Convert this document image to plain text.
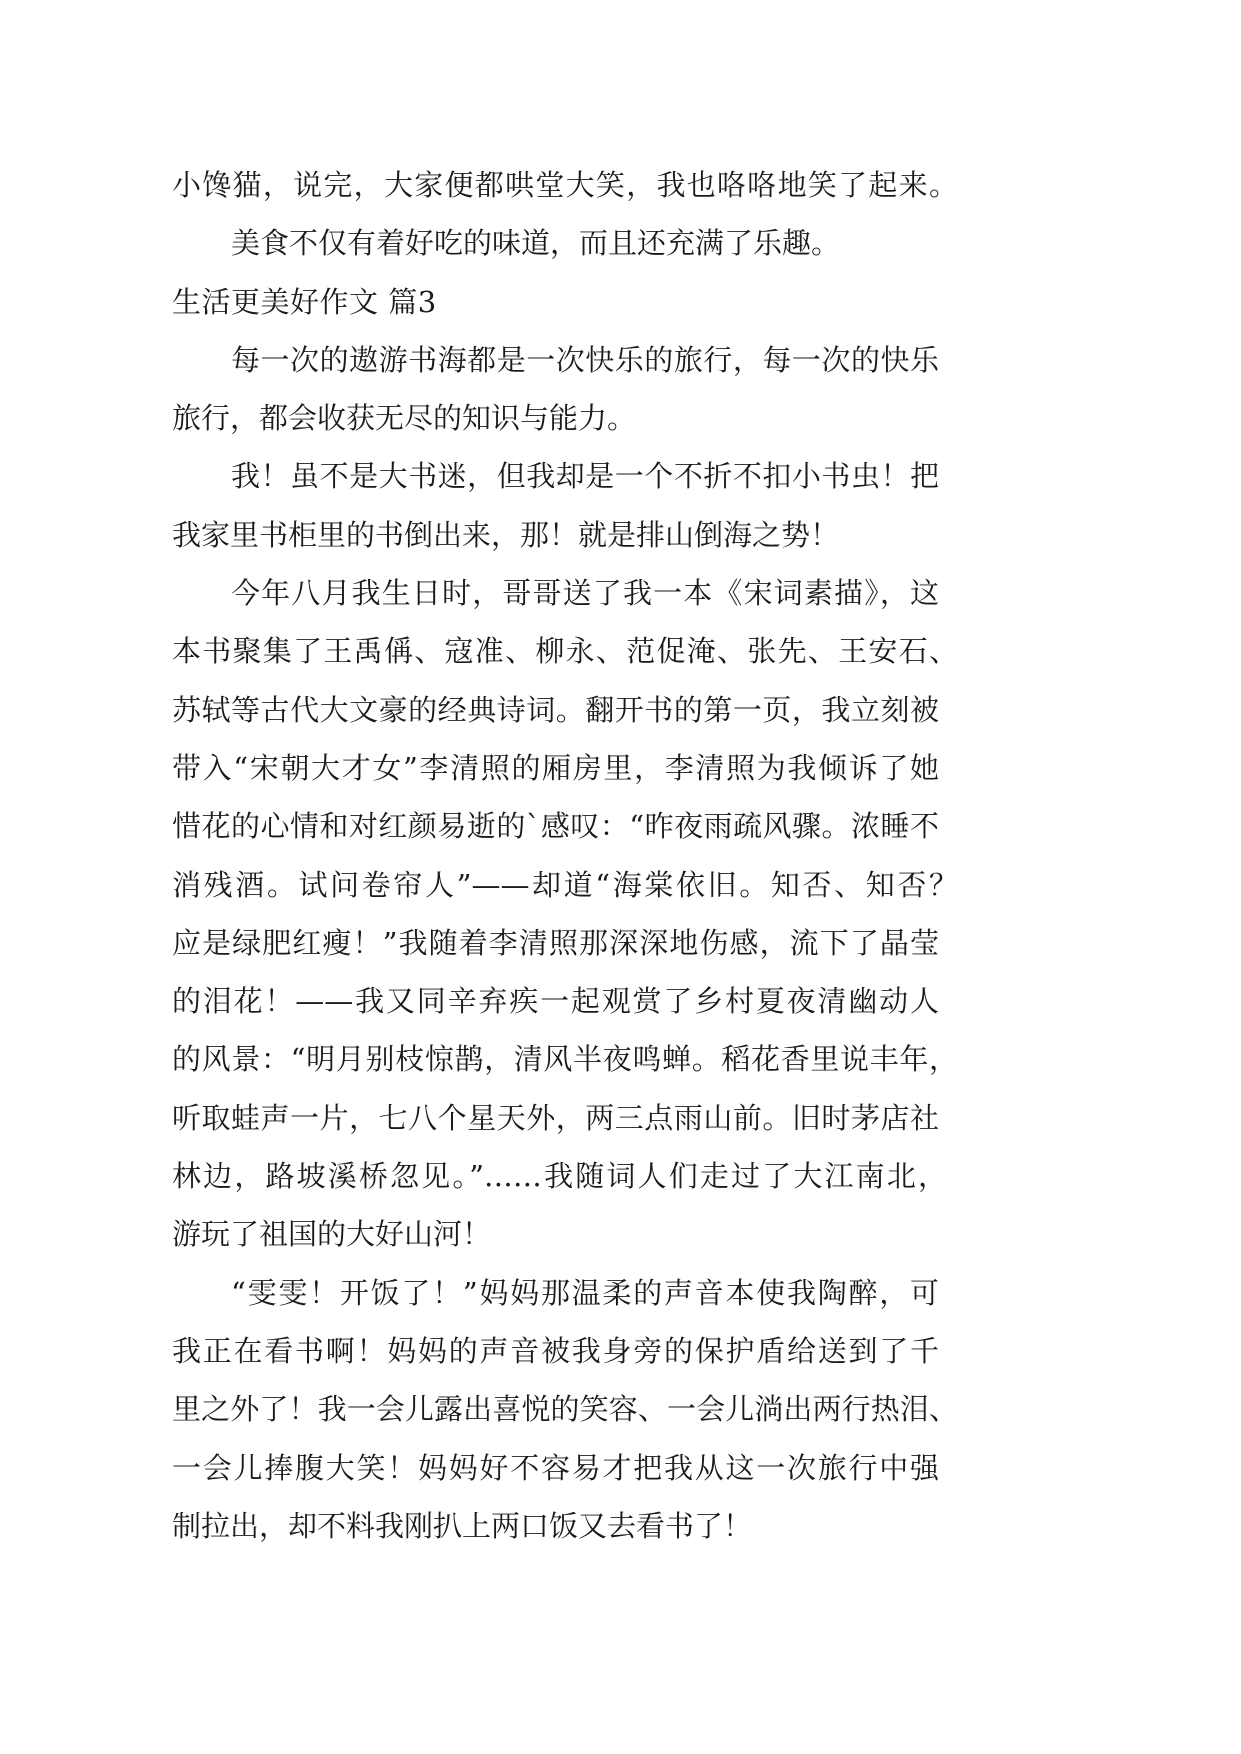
小馋猫，说完，大家便都哄堂大笑，我也咯咯地笑了起来。
美食不仅有着好吃的味道，而且还充满了乐趣。
生活更美好作文 篇3
每一次的遨游书海都是一次快乐的旅行，每一次的快乐
旅行，都会收获无尽的知识与能力。
我！虽不是大书迷，但我却是一个不折不扣小书虫！把
我家里书柜里的书倒出来，那！就是排山倒海之势！
今年八月我生日时，哥哥送了我一本《宋词素描》，这
本书聚集了王禹偁、寇准、柳永、范促淹、张先、王安石、
苏轼等古代大文豪的经典诗词。翻开书的第一页，我立刻被
带入“宋朝大才女”李清照的厢房里，李清照为我倾诉了她
惜花的心情和对红颜易逝的`感叹：“昨夜雨疏风骤。浓睡不
消残酒。试问卷帘人”——却道“海棠依旧。知否、知否？
应是绿肥红瘦！”我随着李清照那深深地伤感，流下了晶莹
的泪花！——我又同辛弃疾一起观赏了乡村夏夜清幽动人
的风景：“明月别枝惊鹊，清风半夜鸣蝉。稻花香里说丰年，
听取蛙声一片，七八个星天外，两三点雨山前。旧时茅店社
林边，路坡溪桥忽见。”……我随词人们走过了大江南北，
游玩了祖国的大好山河！
“雯雯！开饭了！”妈妈那温柔的声音本使我陶醉，可
我正在看书啊！妈妈的声音被我身旁的保护盾给送到了千
里之外了！我一会儿露出喜悦的笑容、一会儿淌出两行热泪、
一会儿捧腹大笑！妈妈好不容易才把我从这一次旅行中强
制拉出，却不料我刚扒上两口饭又去看书了！
